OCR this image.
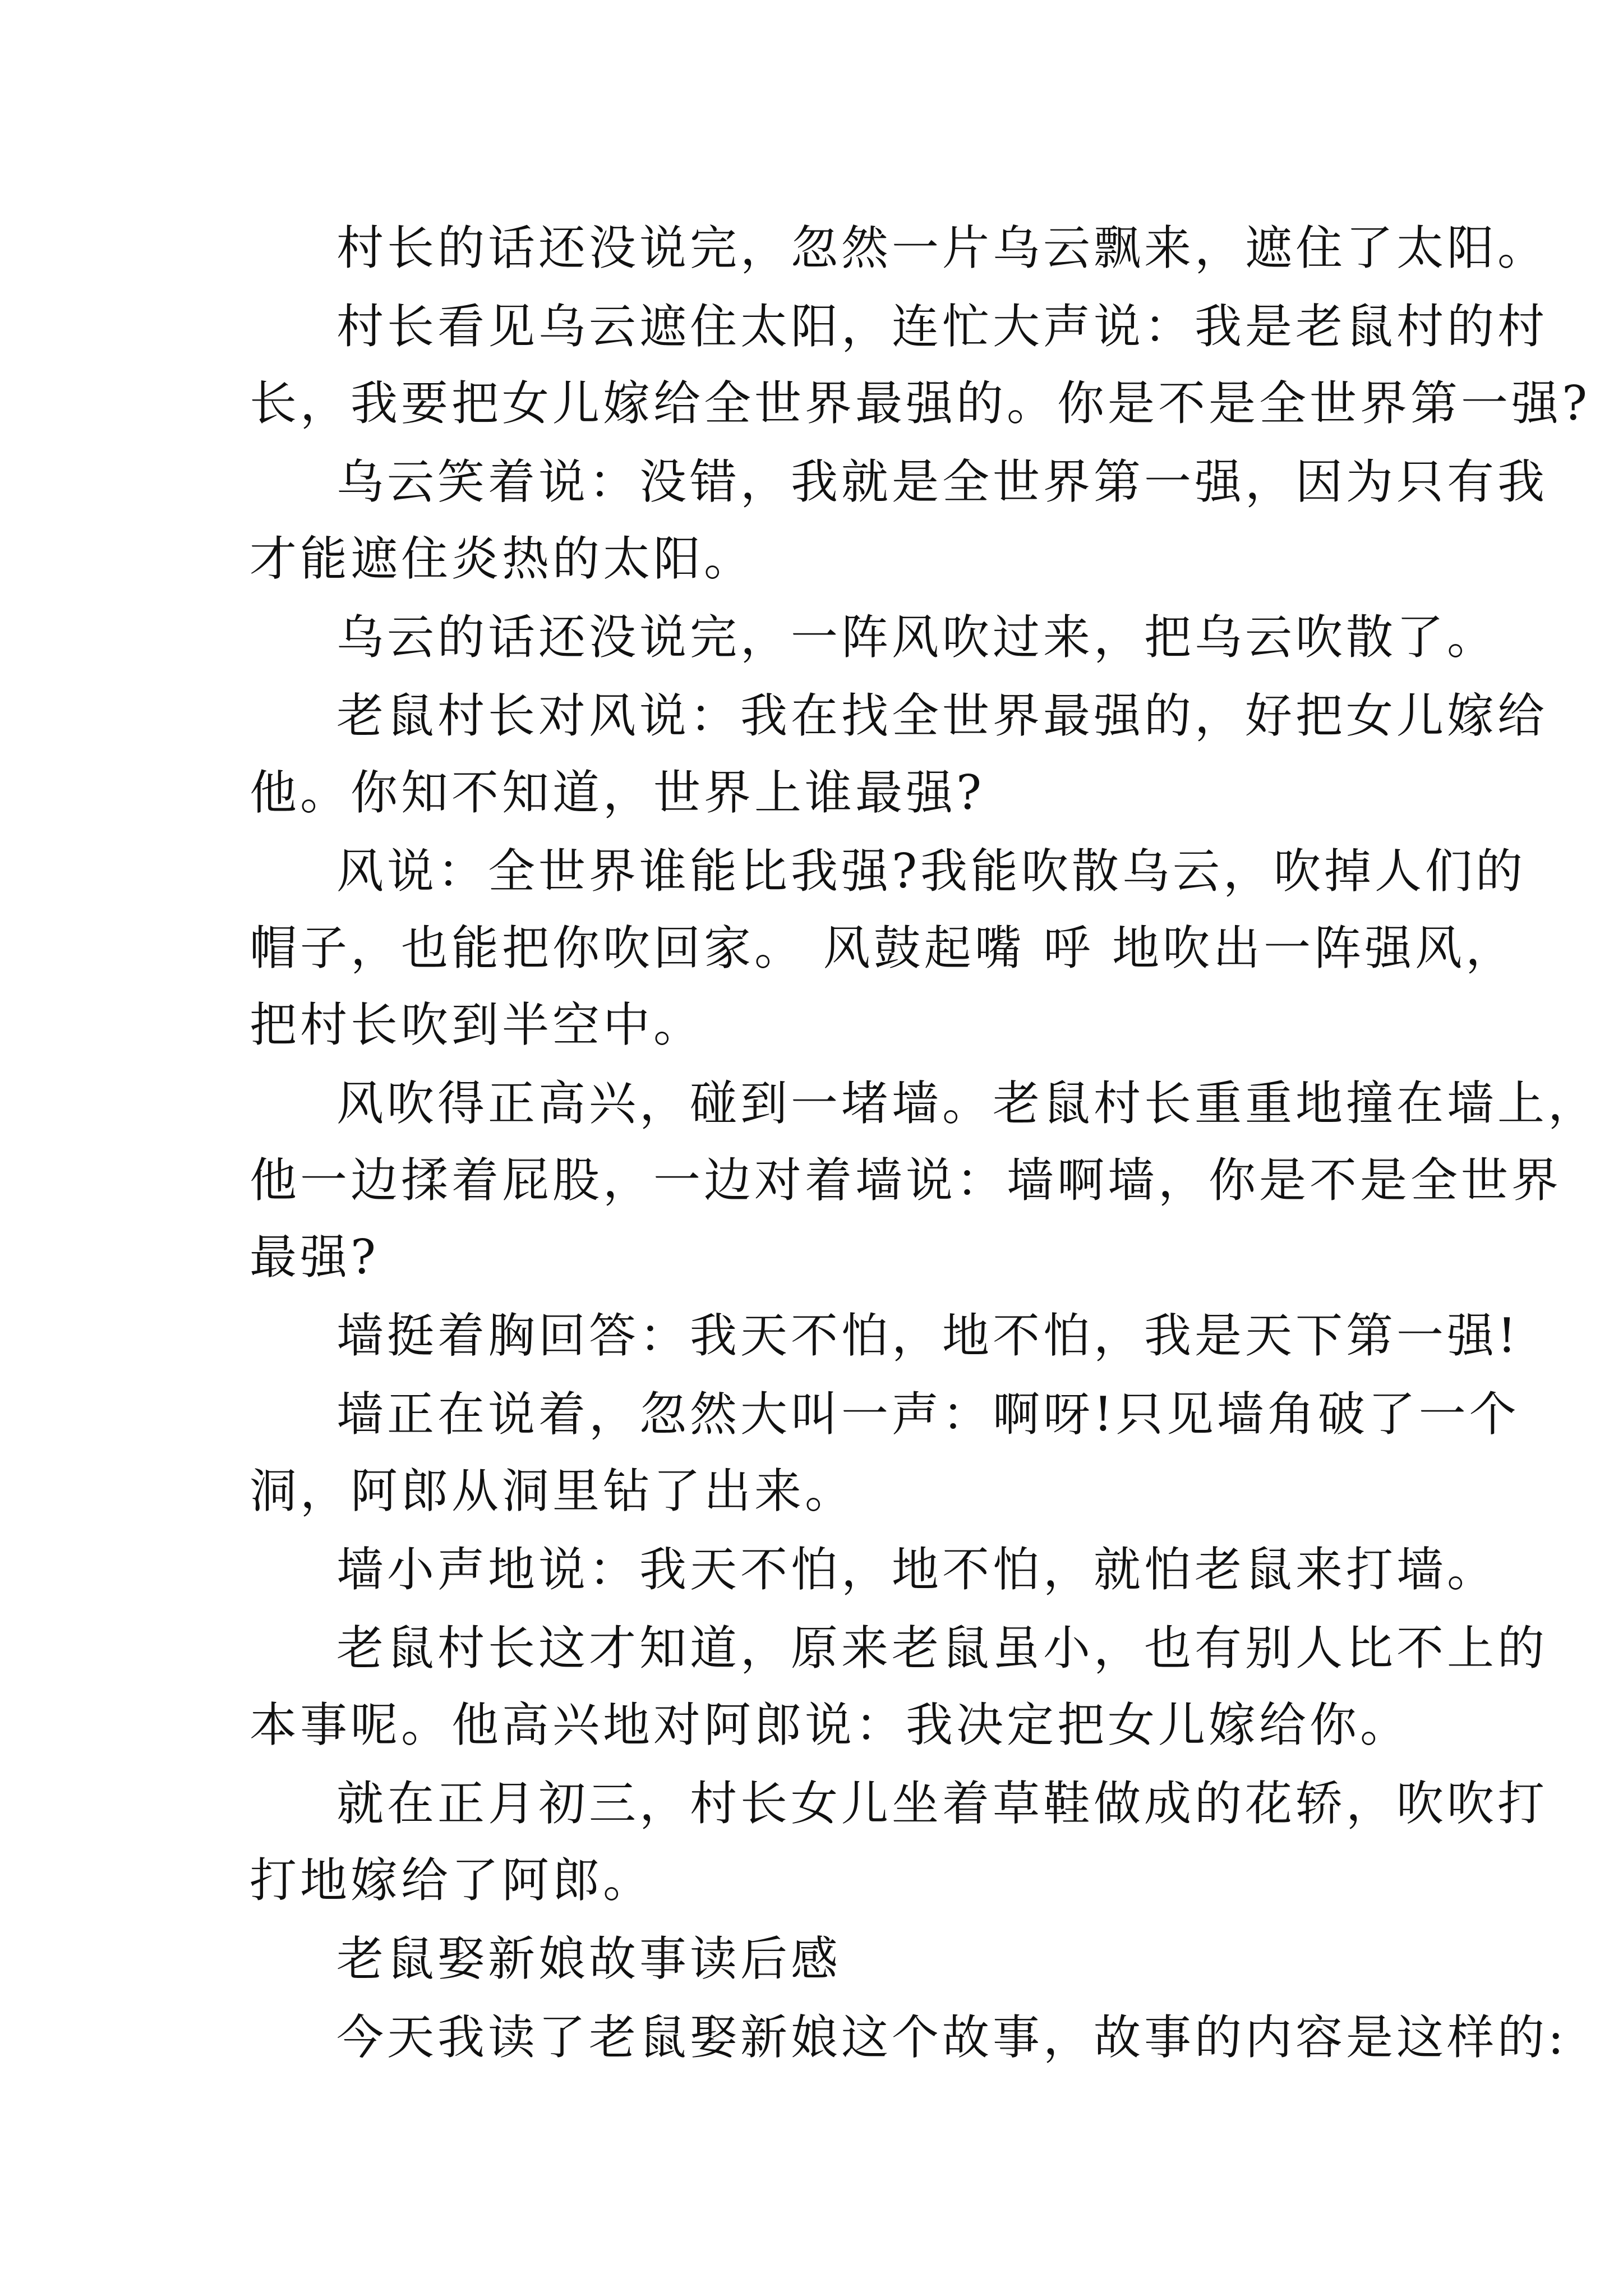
村长的话还没说完，忽然一片乌云飘来，遮住了太阳。
村长看见乌云遮住太阳，连忙大声说：我是老鼠村的村
长，我要把女儿嫁给全世界最强的。你是不是全世界第一强?
乌云笑着说：没错，我就是全世界第一强，因为只有我
才能遮住炎热的太阳。
乌云的话还没说完，一阵风吹过来，把乌云吹散了。
老鼠村长对风说：我在找全世界最强的，好把女儿嫁给
他。你知不知道，世界上谁最强?
风说：全世界谁能比我强?我能吹散乌云，吹掉人们的
帽子，也能把你吹回家。 风鼓起嘴 呼 地吹出一阵强风，
把村长吹到半空中。
风吹得正高兴，碰到一堵墙。老鼠村长重重地撞在墙上，
他一边揉着屁股，一边对着墙说：墙啊墙，你是不是全世界
最强?
墙挺着胸回答：我天不怕，地不怕，我是天下第一强!
墙正在说着，忽然大叫一声：啊呀!只见墙角破了一个
洞，阿郎从洞里钻了出来。
墙小声地说：我天不怕，地不怕，就怕老鼠来打墙。
老鼠村长这才知道，原来老鼠虽小，也有别人比不上的
本事呢。他高兴地对阿郎说：我决定把女儿嫁给你。
就在正月初三，村长女儿坐着草鞋做成的花轿，吹吹打
打地嫁给了阿郎。
老鼠娶新娘故事读后感
今天我读了老鼠娶新娘这个故事，故事的内容是这样的:
